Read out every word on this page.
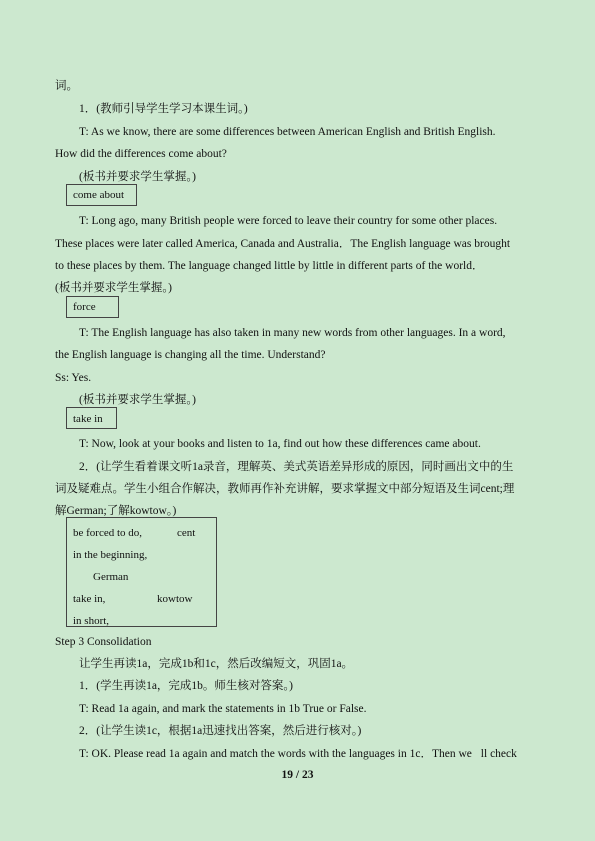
词。
1．(教师引导学生学习本课生词。)
T: As we know, there are some differences between American English and British English.
How did the differences come about?
(板书并要求学生掌握。)
come about
T: Long ago, many British people were forced to leave their country for some other places.
These places were later called America, Canada and Australia．The English language was brought
to these places by them. The language changed little by little in different parts of the world．
(板书并要求学生掌握。)
force
T: The English language has also taken in many new words from other languages. In a word,
the English language is changing all the time. Understand?
Ss: Yes.
(板书并要求学生掌握。)
take in
T: Now, look at your books and listen to 1a, find out how these differences came about.
2．(让学生看着课文听1a录音，理解英、美式英语差异形成的原因，同时画出文中的生
词及疑难点。学生小组合作解决，教师再作补充讲解，要求掌握文中部分短语及生词cent;理
解German;了解kowtow。)
be forced to do,	cent
in the beginning,
German
take in,	kowtow
in short,
Step 3 Consolidation
让学生再读1a，完成1b和1c，然后改编短文，巩固1a。
1．(学生再读1a，完成1b。师生核对答案。)
T: Read 1a again, and mark the statements in 1b True or False.
2．(让学生读1c，根据1a迅速找出答案，然后进行核对。)
T: OK. Please read 1a again and match the words with the languages in 1c．Then we ll check
19 / 23
